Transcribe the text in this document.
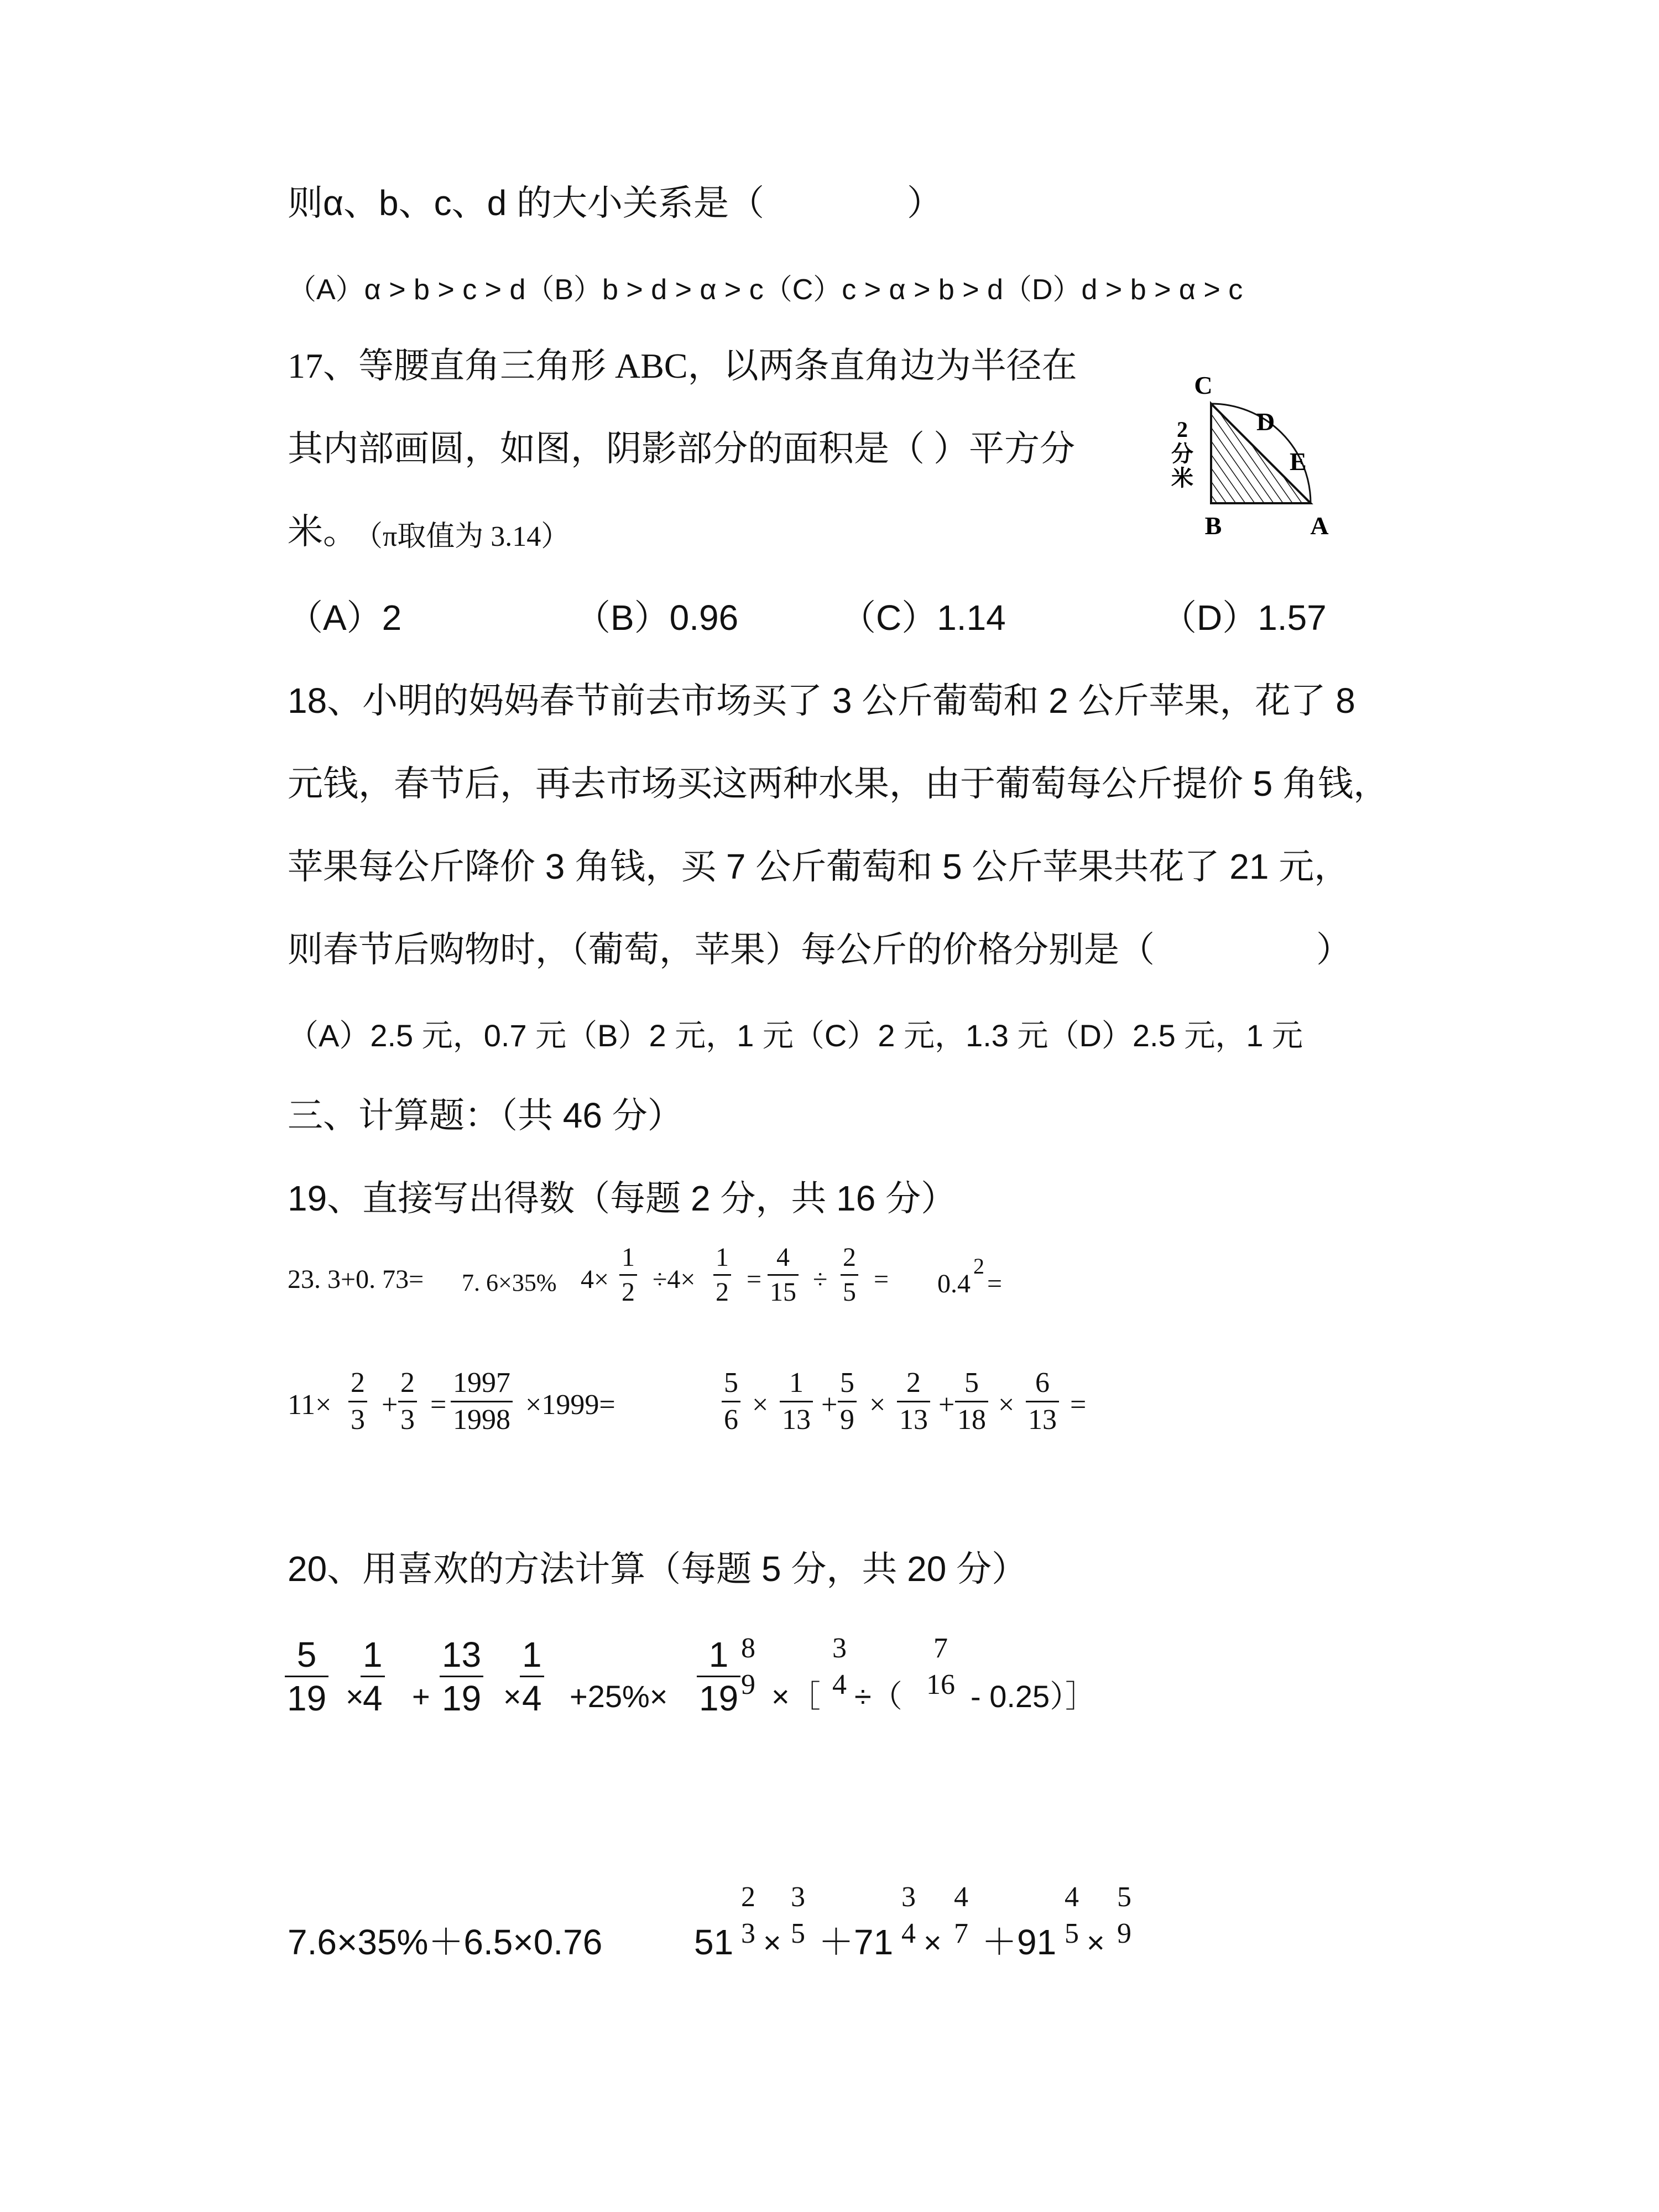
则α、b、c、d 的大小关系是（	）
（A）α > b > c > d（B）b > d > α > c（C）c > α > b > d（D）d > b > α > c
17、等腰直角三角形 ABC，以两条直角边为半径在
其内部画圆，如图，阴影部分的面积是（ ）平方分
米。
（π取值为 3.14）
C
D
E
B	A
2
分
米
（A）2	（B）0.96	（C）1.14	（D）1.57
18、小明的妈妈春节前去市场买了 3 公斤葡萄和 2 公斤苹果，花了 8
元钱，春节后，再去市场买这两种水果，由于葡萄每公斤提价 5 角钱，
苹果每公斤降价 3 角钱，买 7 公斤葡萄和 5 公斤苹果共花了 21 元，
则春节后购物时，（葡萄，苹果）每公斤的价格分别是（	）
（A）2.5 元，0.7 元（B）2 元，1 元（C）2 元，1.3 元（D）2.5 元，1 元
三、计算题：（共 46 分）
19、直接写出得数（每题 2 分，共 16 分）
23. 3+0. 73= 7. 6×35% 4×
1
2 ÷4×
1
2 =
4
15 ÷
2
5 = 0.4
2
=
11×
2
3 +
2
3 =
1997
1998 ×1999=
5
6 ×
1
13 +
5
9 ×
2
13 +
5
18 ×
6
13 =
20、用喜欢的方法计算（每题 5 分，共 20 分）
5
19 ×
1
4 +
13
19 ×
1
4 +25%×
1
19
8
9 ×［
3
4 ÷（
7
16 - 0.25）］
7.6×35%＋6.5×0.76	51
2
3 ×
3
5 ＋71
3
4 ×
4
7 ＋91
4
5 ×
5
9
